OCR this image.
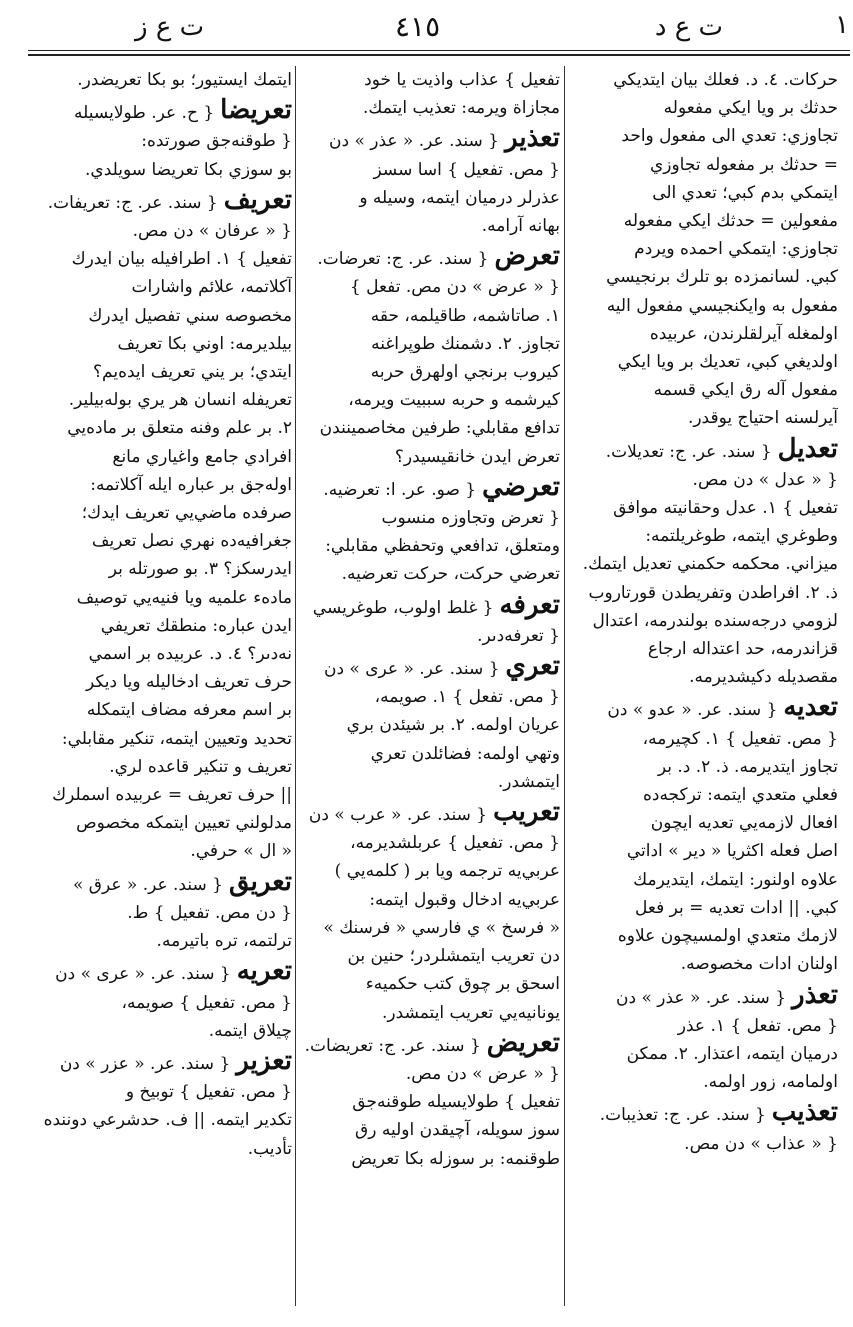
ت ع ز	٤١٥	ت ع د	١
حركات. ٤. د. فعلك بيان ايتديكي
حدثك بر ويا ايكي مفعوله
تجاوزي: تعدي الى مفعول واحد
= حدثك بر مفعوله تجاوزي
ايتمكي بدم كبي؛ تعدي الى
مفعولين = حدثك ايكي مفعوله
تجاوزي: ايتمكي احمده ويردم
كبي. لسانمزده بو تلرك برنجيسي
مفعول به وايكنجيسي مفعول اليه
اولمغله آيرلقلرندن، عربيده
اولديغي كبي، تعديك بر ويا ايكي
مفعول آله رق ايكي قسمه
آيرلسنه احتياج يوقدر.
تعديل{ سند. عر. ج: تعديلات.
{ « عدل » دن مص.
تفعيل } ١. عدل وحقانيته موافق
وطوغري ايتمه، طوغريلتمه:
ميزاني. محكمه حكمني تعديل ايتمك.
ذ. ٢. افراطدن وتفريطدن قورتاروب
لزومي درجه‌سنده بولندرمه، اعتدال
قزاندرمه، حد اعتداله ارجاع
مقصديله دكيشديرمه.
تعديه{ سند. عر. « عدو » دن
{ مص. تفعيل } ١. كچيرمه،
تجاوز ايتديرمه. ذ. ٢. د. بر
فعلي متعدي ايتمه: تركجه‌ده
افعال لازمه‌يي تعديه ايچون
اصل فعله اكثريا « دير » اداتي
علاوه اولنور: ايتمك، ايتديرمك
كبي. || ادات تعديه = بر فعل
لازمك متعدي اولمسيچون علاوه
اولنان ادات مخصوصه.
تعذر{ سند. عر. « عذر » دن
{ مص. تفعل } ١. عذر
درميان ايتمه، اعتذار. ٢. ممكن
اولمامه، زور اولمه.
تعذيب{ سند. عر. ج: تعذيبات.
{ « عذاب » دن مص.
تفعيل } عذاب واذيت يا خود
مجازاة ويرمه: تعذيب ايتمك.
تعذير{ سند. عر. « عذر » دن
{ مص. تفعيل } اسا سسز
عذرلر درميان ايتمه، وسيله و
بهانه آرامه.
تعرض{ سند. عر. ج: تعرضات.
{ « عرض » دن مص. تفعل }
١. صاتاشمه، طاقيلمه، حقه
تجاوز. ٢. دشمنك طوپراغنه
كيروب برنجي اولهرق حربه
كيرشمه و حربه سببيت ويرمه،
تدافع مقابلي: طرفين مخاصمينندن
تعرض ايدن خانقيسيدر؟
تعرضي{ صو. عر. ا: تعرضيه.
{ تعرض وتجاوزه منسوب
ومتعلق، تدافعي وتحفظي مقابلي:
تعرضي حركت، حركت تعرضيه.
تعرفه{ غلط اولوب، طوغريسي
{ تعرفه‌دىر.
تعري{ سند. عر. « عرى » دن
{ مص. تفعل } ١. صويمه،
عريان اولمه. ٢. بر شيئدن بري
وتهي اولمه: فضائلدن تعري
ايتمشدر.
تعريب{ سند. عر. « عرب » دن
{ مص. تفعيل } عربلشديرمه،
عربي‌يه ترجمه ويا بر ( كلمه‌يي )
عربي‌يه ادخال وقبول ايتمه:
« فرسخ » ي فارسي « فرسنك »
دن تعريب ايتمشلردر؛ حنين بن
اسحق بر چوق كتب حكميه‌ء
يونانيه‌يي تعريب ايتمشدر.
تعريض{ سند. عر. ج: تعريضات.
{ « عرض » دن مص.
تفعيل } طولايسيله طوقنه‌جق
سوز سويله، آچيقدن اوليه رق
طوقنمه: بر سوزله بكا تعريض
ايتمك ايستيور؛ بو بكا تعريضدر.
تعريضا{ ح. عر. طولايسيله
{ طوقنه‌جق صورتده:
بو سوزي بكا تعريضا سويلدي.
تعريف{ سند. عر. ج: تعريفات.
{ « عرفان » دن مص.
تفعيل } ١. اطرافيله بيان ايدرك
آكلاتمه، علائم واشارات
مخصوصه سني تفصيل ايدرك
بيلديرمه: اوني بكا تعريف
ايتدي؛ بر يني تعريف ايدەيم؟
تعريفله انسان هر يري بوله‌بيلير.
٢. بر علم وفنه متعلق بر ماده‌يي
افرادي جامع واغياري مانع
اوله‌جق بر عباره ايله آكلاتمه:
صرفده ماضي‌يي تعريف ايدك؛
جغرافيه‌ده نهري نصل تعريف
ايدرسكز؟ ٣. بو صورتله بر
مادهء علميه ويا فنيه‌يي توصيف
ايدن عباره: منطقك تعريفي
نه‌دىر؟ ٤. د. عربيده بر اسمي
حرف تعريف ادخاليله ويا ديكر
بر اسم معرفه مضاف ايتمكله
تحديد وتعيين ايتمه، تنكير مقابلي:
تعريف و تنكير قاعده لري.
|| حرف تعريف = عربيده اسملرك
مدلولني تعيين ايتمكه مخصوص
« ال » حرفي.
تعريق{ سند. عر. « عرق »
{ دن مص. تفعيل } ط.
ترلتمه، تره باتيرمه.
تعريه{ سند. عر. « عرى » دن
{ مص. تفعيل } صويمه،
چيلاق ايتمه.
تعزير{ سند. عر. « عزر » دن
{ مص. تفعيل } توبيخ و
تكدير ايتمه. || ف. حدشرعي دوننده
تأديب.
